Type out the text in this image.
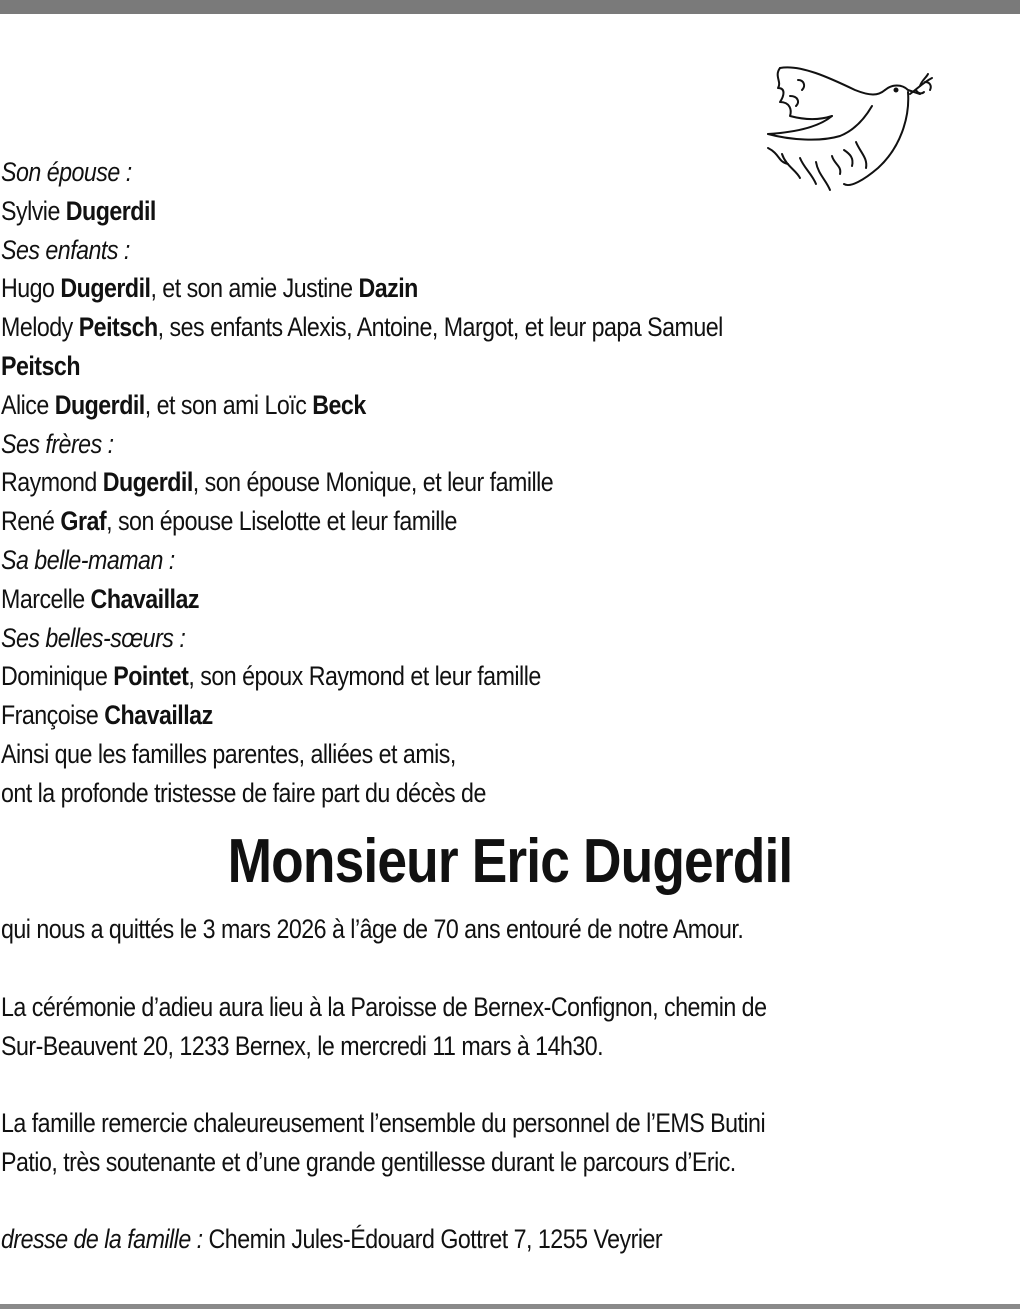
Son épouse :
Sylvie Dugerdil
Ses enfants :
Hugo Dugerdil, et son amie Justine Dazin
Melody Peitsch, ses enfants Alexis, Antoine, Margot, et leur papa Samuel
Peitsch
Alice Dugerdil, et son ami Loïc Beck
Ses frères :
Raymond Dugerdil, son épouse Monique, et leur famille
René Graf, son épouse Liselotte et leur famille
Sa belle-maman :
Marcelle Chavaillaz
Ses belles-sœurs :
Dominique Pointet, son époux Raymond et leur famille
Françoise Chavaillaz
Ainsi que les familles parentes, alliées et amis,
ont la profonde tristesse de faire part du décès de
Monsieur Eric Dugerdil
qui nous a quittés le 3 mars 2026 à l’âge de 70 ans entouré de notre Amour.
La cérémonie d’adieu aura lieu à la Paroisse de Bernex-Confignon, chemin de
Sur-Beauvent 20, 1233 Bernex, le mercredi 11 mars à 14h30.
La famille remercie chaleureusement l’ensemble du personnel de l’EMS Butini
Patio, très soutenante et d’une grande gentillesse durant le parcours d’Eric.
dresse de la famille : Chemin Jules-Édouard Gottret 7, 1255 Veyrier
